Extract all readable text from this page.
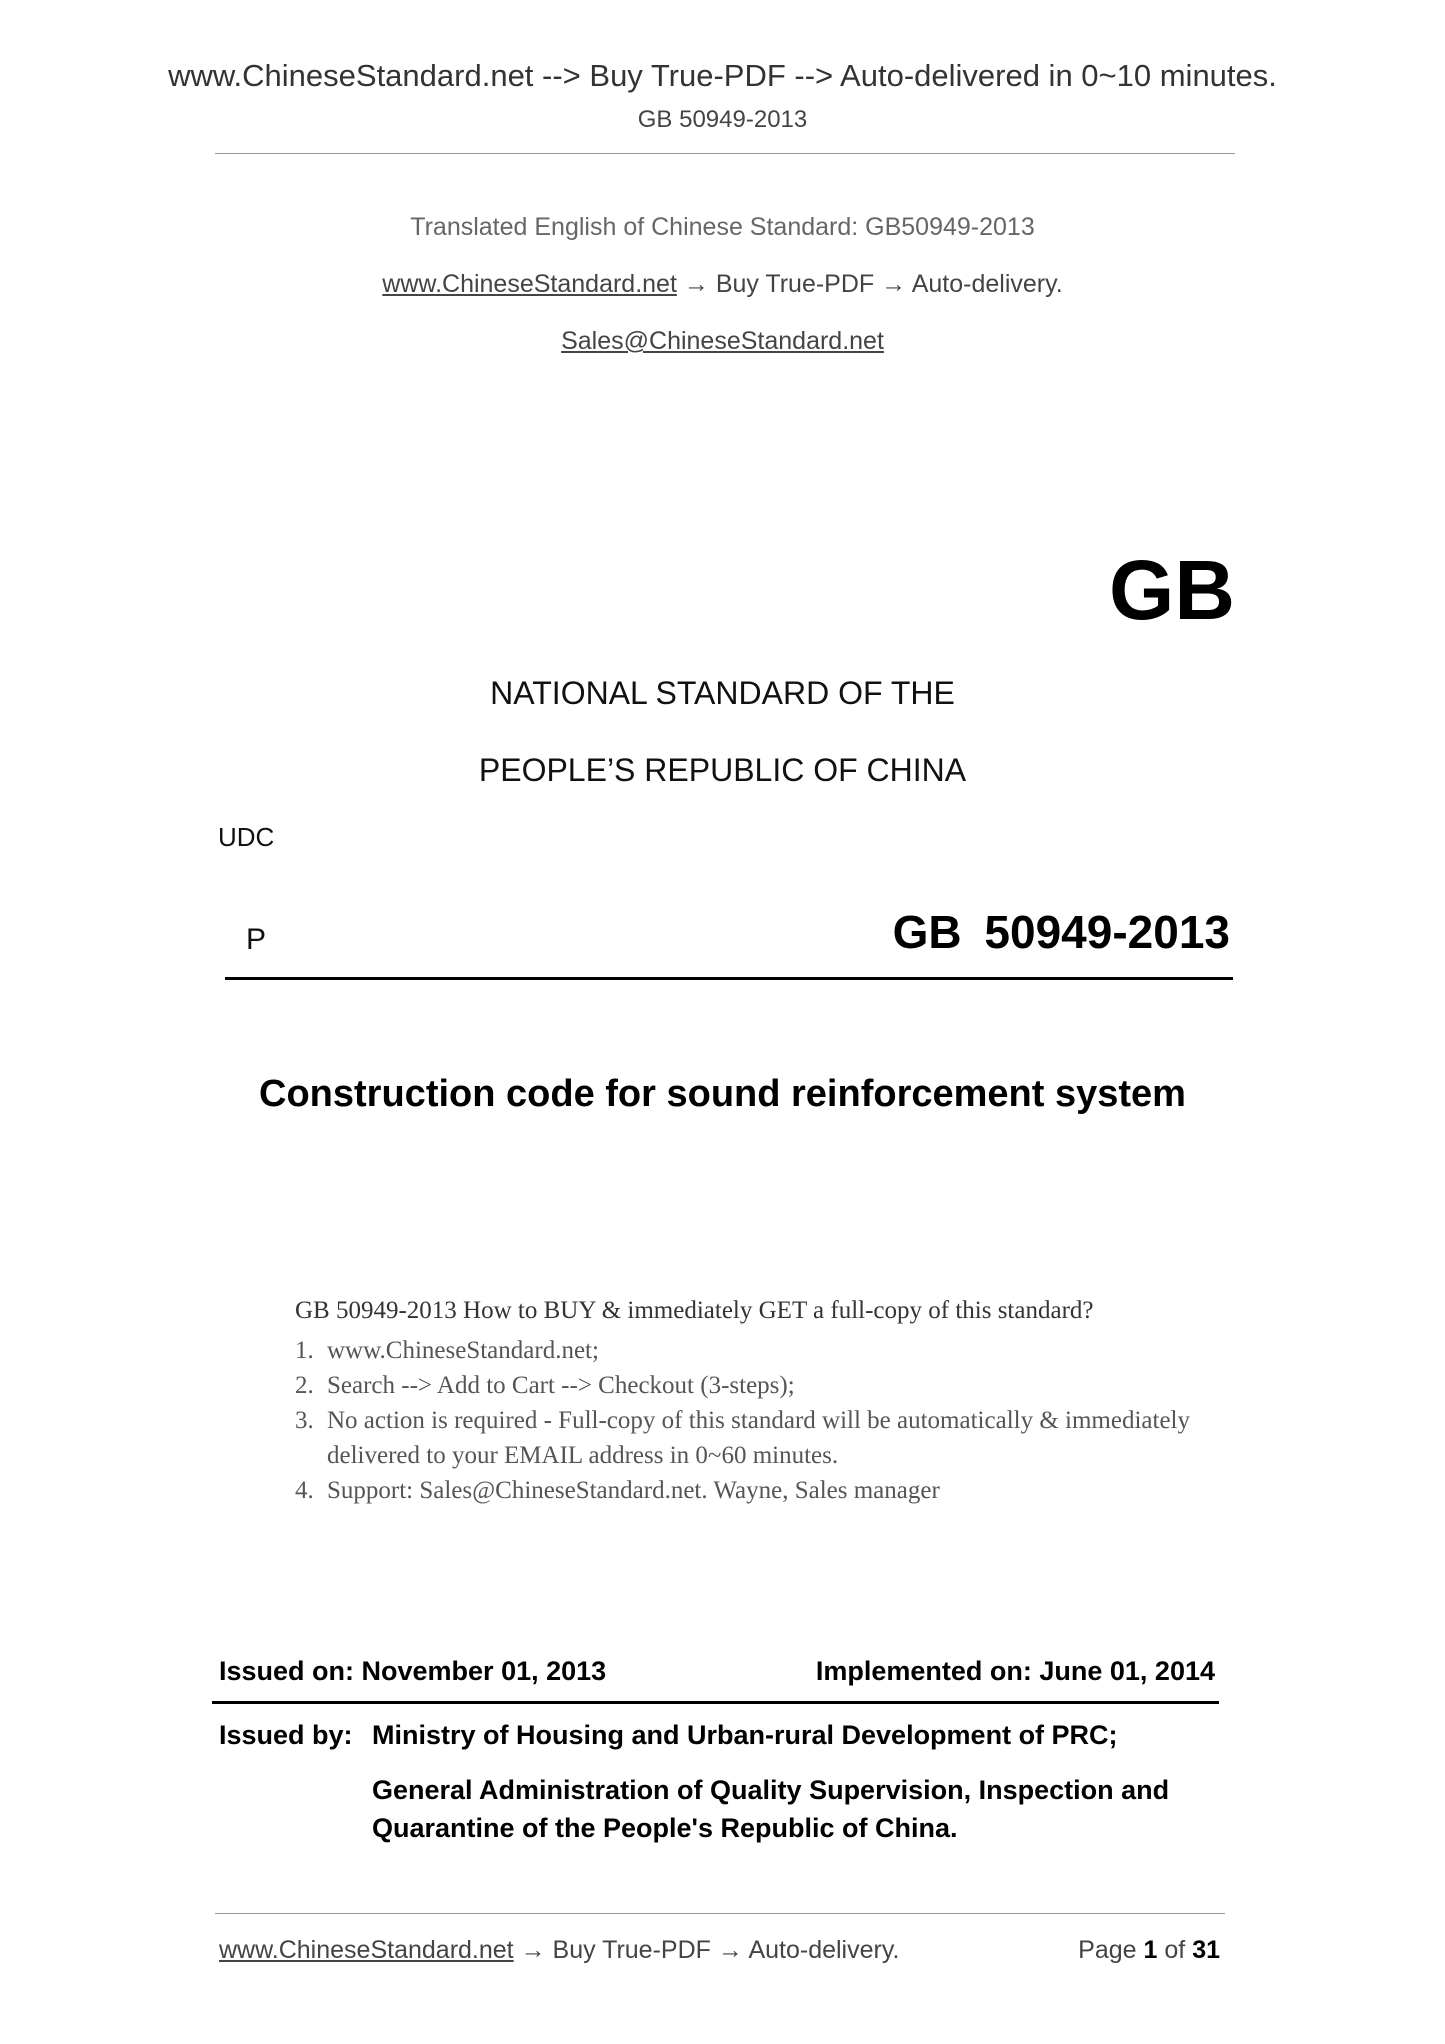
www.ChineseStandard.net --> Buy True-PDF --> Auto-delivered in 0~10 minutes.
GB 50949-2013
Translated English of Chinese Standard: GB50949-2013
www.ChineseStandard.net → Buy True-PDF → Auto-delivery.
Sales@ChineseStandard.net
GB
NATIONAL STANDARD OF THE
PEOPLE’S REPUBLIC OF CHINA
UDC
P	GB 50949-2013
Construction code for sound reinforcement system
GB 50949-2013 How to BUY & immediately GET a full-copy of this standard?
1. www.ChineseStandard.net;
2. Search --> Add to Cart --> Checkout (3-steps);
3. No action is required - Full-copy of this standard will be automatically & immediately delivered to your EMAIL address in 0~60 minutes.
4. Support: Sales@ChineseStandard.net. Wayne, Sales manager
Issued on: November 01, 2013	Implemented on: June 01, 2014
Issued by: Ministry of Housing and Urban-rural Development of PRC;
General Administration of Quality Supervision, Inspection and Quarantine of the People's Republic of China.
www.ChineseStandard.net → Buy True-PDF → Auto-delivery.	Page 1 of 31
